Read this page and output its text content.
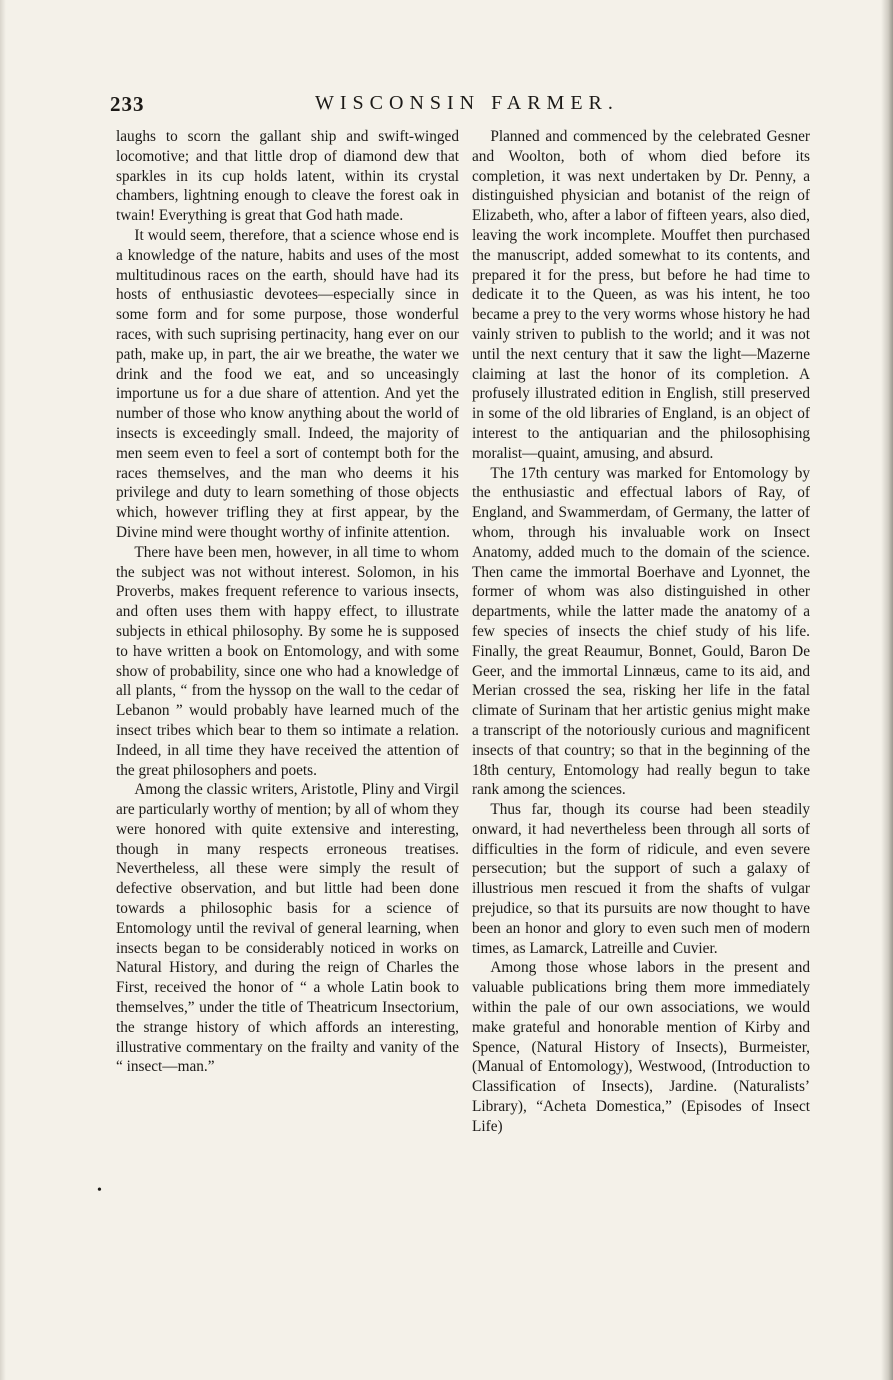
233	WISCONSIN FARMER.

laughs to scorn the gallant ship and swift-winged locomotive; and that little drop of diamond dew that sparkles in its cup holds latent, within its crystal chambers, lightning enough to cleave the forest oak in twain! Everything is great that God hath made.

It would seem, therefore, that a science whose end is a knowledge of the nature, habits and uses of the most multitudinous races on the earth, should have had its hosts of enthusiastic devotees—especially since in some form and for some purpose, those wonderful races, with such suprising pertinacity, hang ever on our path, make up, in part, the air we breathe, the water we drink and the food we eat, and so unceasingly importune us for a due share of attention. And yet the number of those who know anything about the world of insects is exceedingly small. Indeed, the majority of men seem even to feel a sort of contempt both for the races themselves, and the man who deems it his privilege and duty to learn something of those objects which, however trifling they at first appear, by the Divine mind were thought worthy of infinite attention.

There have been men, however, in all time to whom the subject was not without interest. Solomon, in his Proverbs, makes frequent reference to various insects, and often uses them with happy effect, to illustrate subjects in ethical philosophy. By some he is supposed to have written a book on Entomology, and with some show of probability, since one who had a knowledge of all plants, “ from the hyssop on the wall to the cedar of Lebanon ” would probably have learned much of the insect tribes which bear to them so intimate a relation. Indeed, in all time they have received the attention of the great philosophers and poets.

Among the classic writers, Aristotle, Pliny and Virgil are particularly worthy of mention; by all of whom they were honored with quite extensive and interesting, though in many respects erroneous treatises. Nevertheless, all these were simply the result of defective observation, and but little had been done towards a philosophic basis for a science of Entomology until the revival of general learning, when insects began to be considerably noticed in works on Natural History, and during the reign of Charles the First, received the honor of “ a whole Latin book to themselves,” under the title of Theatricum Insectorium, the strange history of which affords an interesting, illustrative commentary on the frailty and vanity of the “ insect—man.”

Planned and commenced by the celebrated Gesner and Woolton, both of whom died before its completion, it was next undertaken by Dr. Penny, a distinguished physician and botanist of the reign of Elizabeth, who, after a labor of fifteen years, also died, leaving the work incomplete. Mouffet then purchased the manuscript, added somewhat to its contents, and prepared it for the press, but before he had time to dedicate it to the Queen, as was his intent, he too became a prey to the very worms whose history he had vainly striven to publish to the world; and it was not until the next century that it saw the light—Mazerne claiming at last the honor of its completion. A profusely illustrated edition in English, still preserved in some of the old libraries of England, is an object of interest to the antiquarian and the philosophising moralist—quaint, amusing, and absurd.

The 17th century was marked for Entomology by the enthusiastic and effectual labors of Ray, of England, and Swammerdam, of Germany, the latter of whom, through his invaluable work on Insect Anatomy, added much to the domain of the science. Then came the immortal Boerhave and Lyonnet, the former of whom was also distinguished in other departments, while the latter made the anatomy of a few species of insects the chief study of his life. Finally, the great Reaumur, Bonnet, Gould, Baron De Geer, and the immortal Linnæus, came to its aid, and Merian crossed the sea, risking her life in the fatal climate of Surinam that her artistic genius might make a transcript of the notoriously curious and magnificent insects of that country; so that in the beginning of the 18th century, Entomology had really begun to take rank among the sciences.

Thus far, though its course had been steadily onward, it had nevertheless been through all sorts of difficulties in the form of ridicule, and even severe persecution; but the support of such a galaxy of illustrious men rescued it from the shafts of vulgar prejudice, so that its pursuits are now thought to have been an honor and glory to even such men of modern times, as Lamarck, Latreille and Cuvier.

Among those whose labors in the present and valuable publications bring them more immediately within the pale of our own associations, we would make grateful and honorable mention of Kirby and Spence, (Natural History of Insects), Burmeister, (Manual of Entomology), Westwood, (Introduction to Classification of Insects), Jardine. (Naturalists’ Library), “Acheta Domestica,” (Episodes of Insect Life)

•
